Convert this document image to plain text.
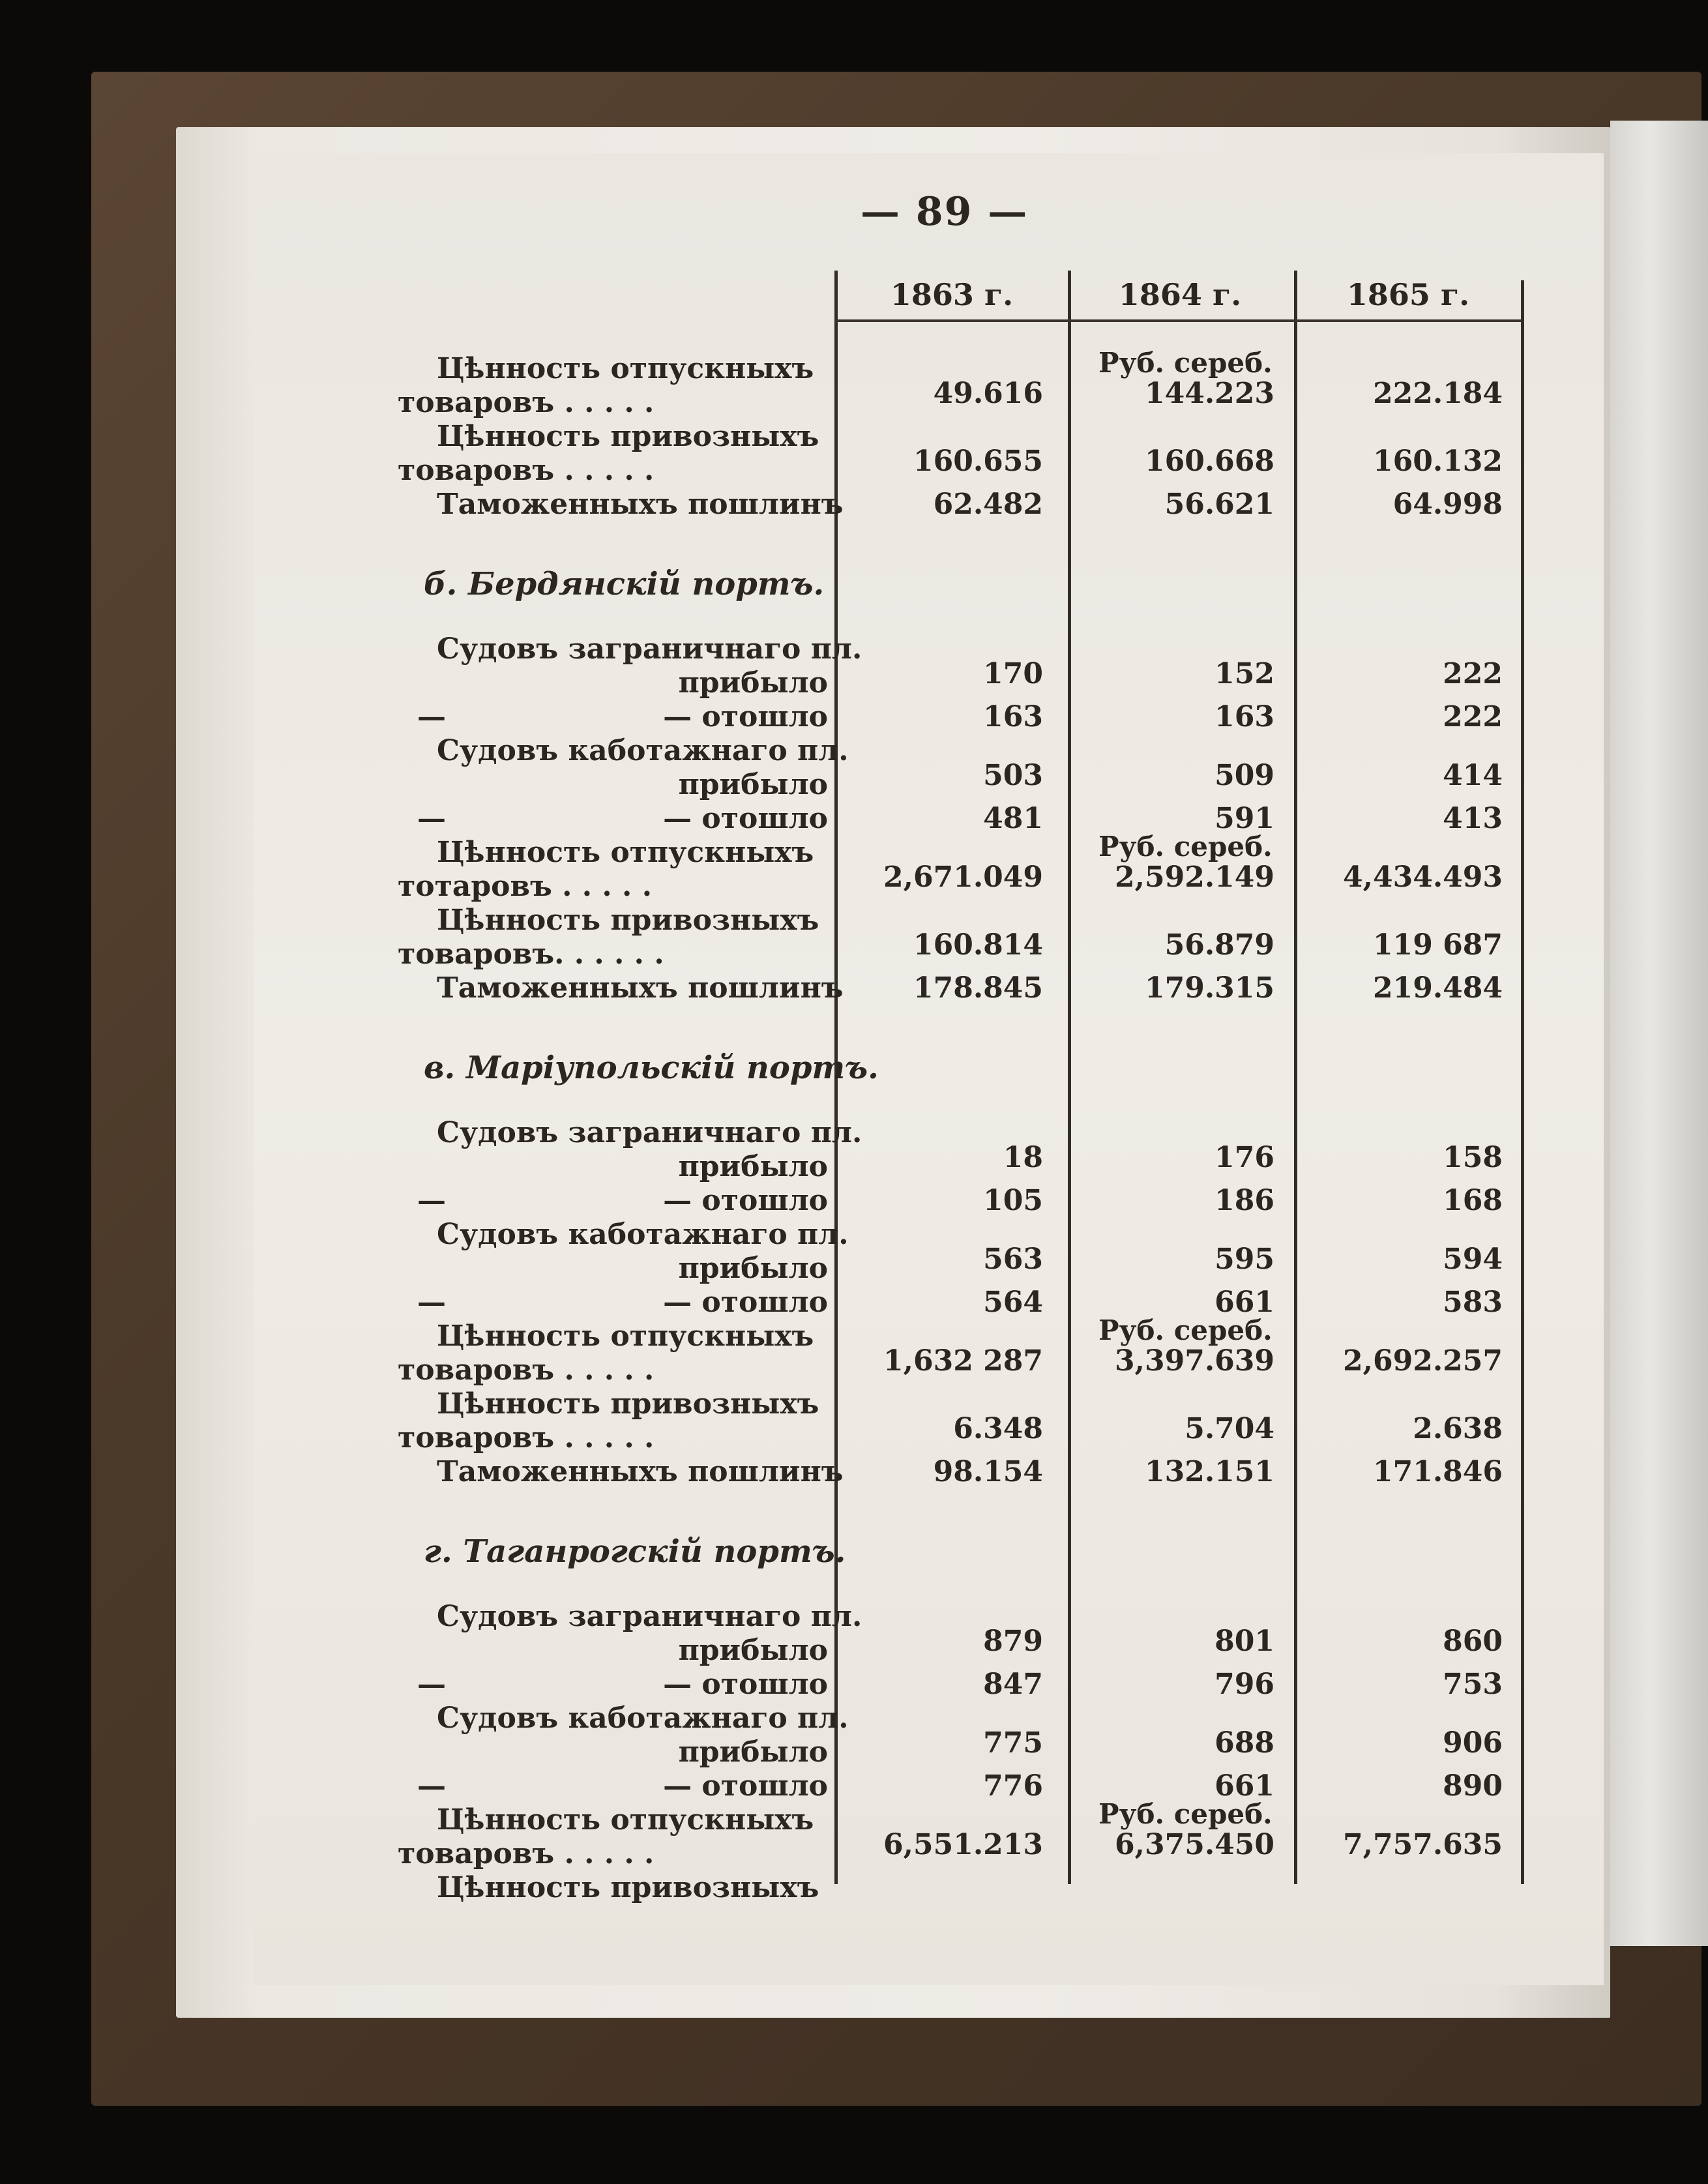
— 89 —
1863 г.	1864 г.	1865 г.
Цѣнность отпускныхъ
товаровъ . . . . .
Руб. сереб.
49.616	144.223	222.184
Цѣнность привозныхъ
товаровъ . . . . .	160.655	160.668	160.132
Таможенныхъ пошлинъ	62.482	56.621	64.998
б. Бердянскій портъ.
Судовъ заграничнаго пл.
прибыло	170	152	222
—	— отошло	163	163	222
Судовъ каботажнаго пл.
прибыло	503	509	414
—	— отошло	481	591	413
Цѣнность отпускныхъ
тотаровъ . . . . .
Руб. сереб.
2,671.049	2,592.149	4,434.493
Цѣнность привозныхъ
товаровъ. . . . . .	160.814	56.879	119 687
Таможенныхъ пошлинъ	178.845	179.315	219.484
в. Маріупольскій портъ.
Судовъ заграничнаго пл.
прибыло	18	176	158
—	— отошло	105	186	168
Судовъ каботажнаго пл.
прибыло	563	595	594
—	— отошло	564	661	583
Цѣнность отпускныхъ
товаровъ . . . . .
Руб. сереб.
1,632 287	3,397.639	2,692.257
Цѣнность привозныхъ
товаровъ . . . . .	6.348	5.704	2.638
Таможенныхъ пошлинъ	98.154	132.151	171.846
г. Таганрогскій портъ.
Судовъ заграничнаго пл.
прибыло	879	801	860
—	— отошло	847	796	753
Судовъ каботажнаго пл.
прибыло	775	688	906
—	— отошло	776	661	890
Цѣнность отпускныхъ
товаровъ . . . . .
Руб. сереб.
6,551.213	6,375.450	7,757.635
Цѣнность привозныхъ
